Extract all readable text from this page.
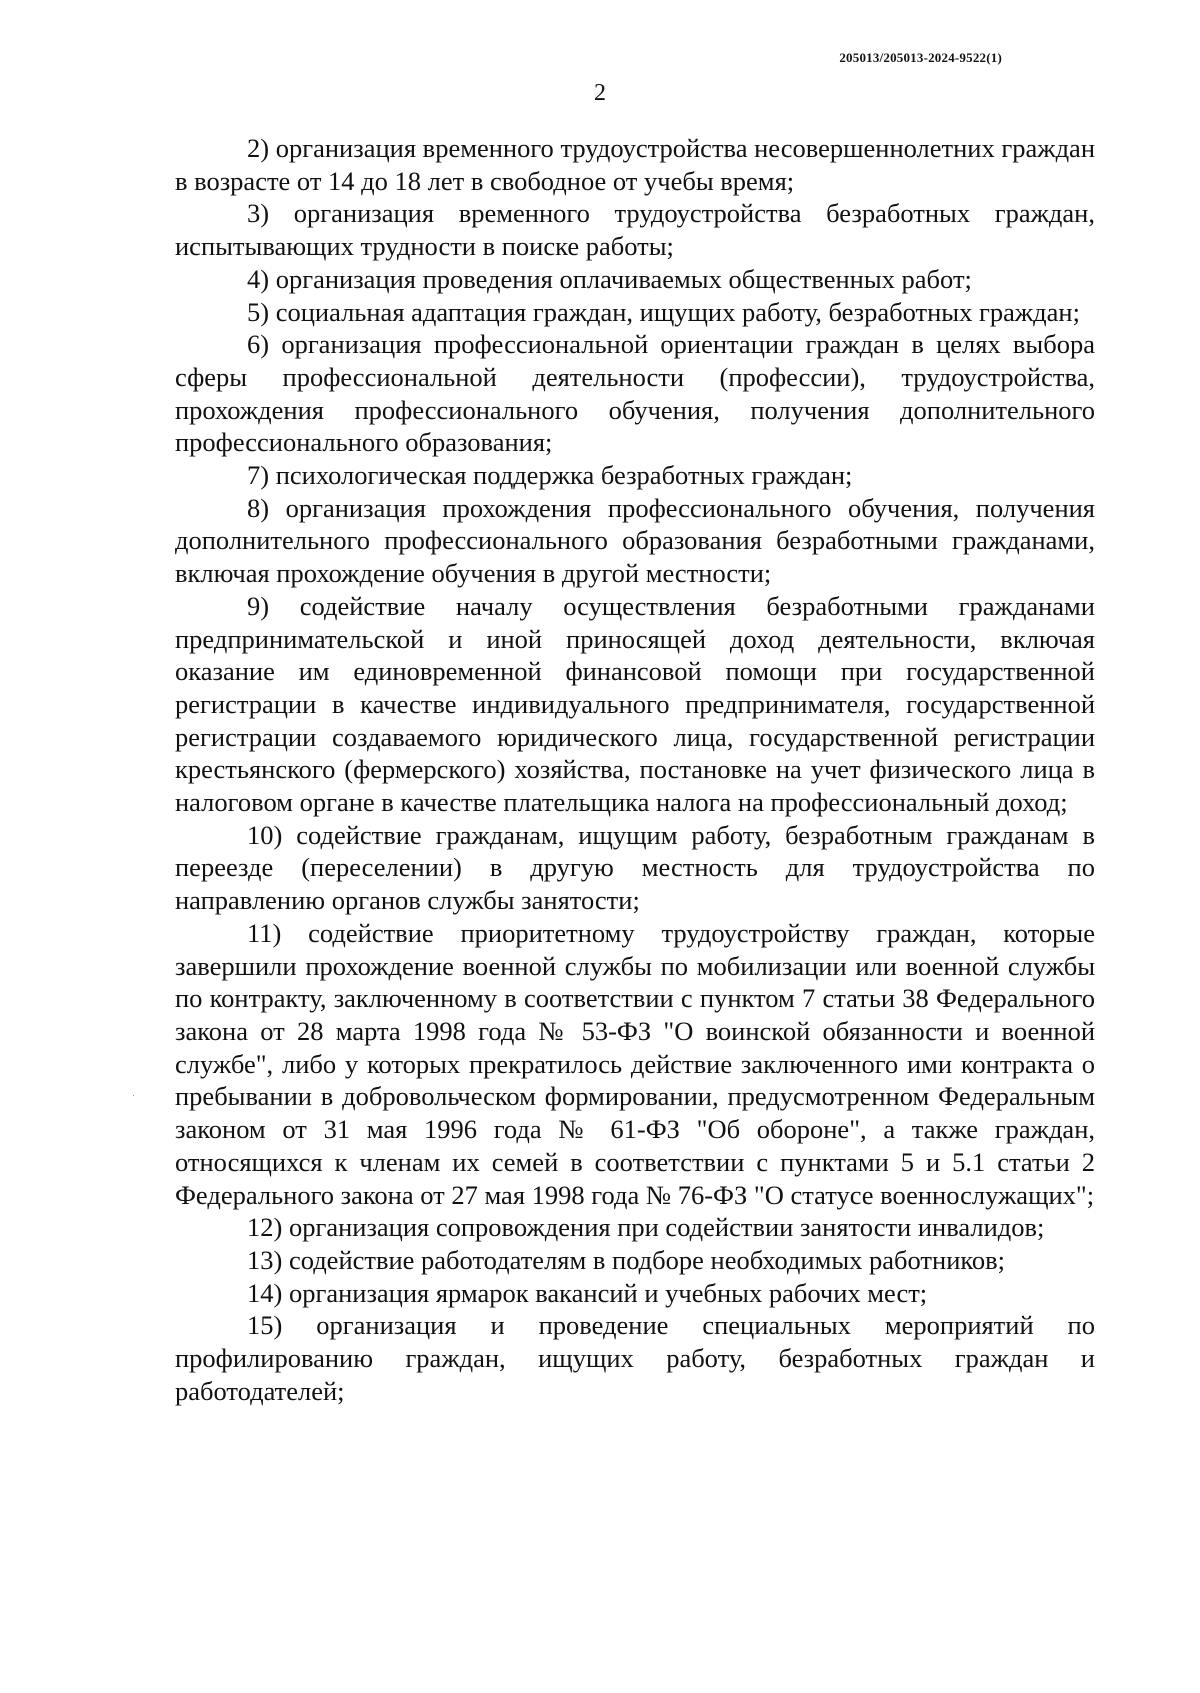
205013/205013-2024-9522(1)
2

2) организация временного трудоустройства несовершеннолетних граждан в возрасте от 14 до 18 лет в свободное от учебы время;

3) организация временного трудоустройства безработных граждан, испытывающих трудности в поиске работы;

4) организация проведения оплачиваемых общественных работ;

5) социальная адаптация граждан, ищущих работу, безработных граждан;

6) организация профессиональной ориентации граждан в целях выбора сферы профессиональной деятельности (профессии), трудоустройства, прохождения профессионального обучения, получения дополнительного профессионального образования;

7) психологическая поддержка безработных граждан;

8) организация прохождения профессионального обучения, получения дополнительного профессионального образования безработными гражданами, включая прохождение обучения в другой местности;

9) содействие началу осуществления безработными гражданами предпринимательской и иной приносящей доход деятельности, включая оказание им единовременной финансовой помощи при государственной регистрации в качестве индивидуального предпринимателя, государственной регистрации создаваемого юридического лица, государственной регистрации крестьянского (фермерского) хозяйства, постановке на учет физического лица в налоговом органе в качестве плательщика налога на профессиональный доход;

10) содействие гражданам, ищущим работу, безработным гражданам в переезде (переселении) в другую местность для трудоустройства по направлению органов службы занятости;

11) содействие приоритетному трудоустройству граждан, которые завершили прохождение военной службы по мобилизации или военной службы по контракту, заключенному в соответствии с пунктом 7 статьи 38 Федерального закона от 28 марта 1998 года № 53-ФЗ "О воинской обязанности и военной службе", либо у которых прекратилось действие заключенного ими контракта о пребывании в добровольческом формировании, предусмотренном Федеральным законом от 31 мая 1996 года № 61-ФЗ "Об обороне", а также граждан, относящихся к членам их семей в соответствии с пунктами 5 и 5.1 статьи 2 Федерального закона от 27 мая 1998 года № 76-ФЗ "О статусе военнослужащих";

12) организация сопровождения при содействии занятости инвалидов;

13) содействие работодателям в подборе необходимых работников;

14) организация ярмарок вакансий и учебных рабочих мест;

15) организация и проведение специальных мероприятий по профилированию граждан, ищущих работу, безработных граждан и работодателей;
